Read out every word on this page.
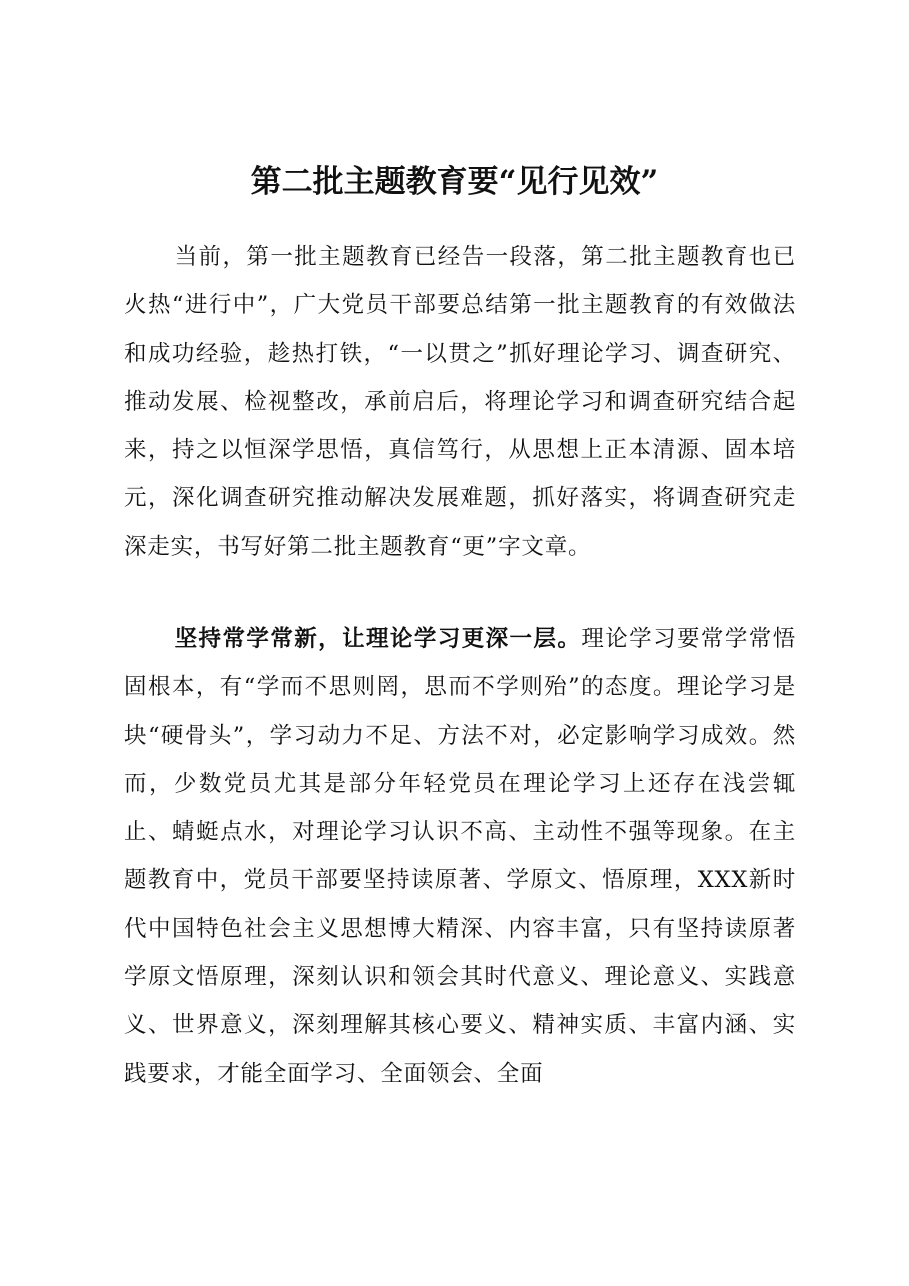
第二批主题教育要“见行见效”

当前，第一批主题教育已经告一段落，第二批主题教育也已火热“进行中”，广大党员干部要总结第一批主题教育的有效做法和成功经验，趁热打铁，“一以贯之”抓好理论学习、调查研究、推动发展、检视整改，承前启后，将理论学习和调查研究结合起来，持之以恒深学思悟，真信笃行，从思想上正本清源、固本培元，深化调查研究推动解决发展难题，抓好落实，将调查研究走深走实，书写好第二批主题教育“更”字文章。

坚持常学常新，让理论学习更深一层。理论学习要常学常悟固根本，有“学而不思则罔，思而不学则殆”的态度。理论学习是块“硬骨头”，学习动力不足、方法不对，必定影响学习成效。然而，少数党员尤其是部分年轻党员在理论学习上还存在浅尝辄止、蜻蜓点水，对理论学习认识不高、主动性不强等现象。在主题教育中，党员干部要坚持读原著、学原文、悟原理，XXX新时代中国特色社会主义思想博大精深、内容丰富，只有坚持读原著学原文悟原理，深刻认识和领会其时代意义、理论意义、实践意义、世界意义，深刻理解其核心要义、精神实质、丰富内涵、实践要求，才能全面学习、全面领会、全面
